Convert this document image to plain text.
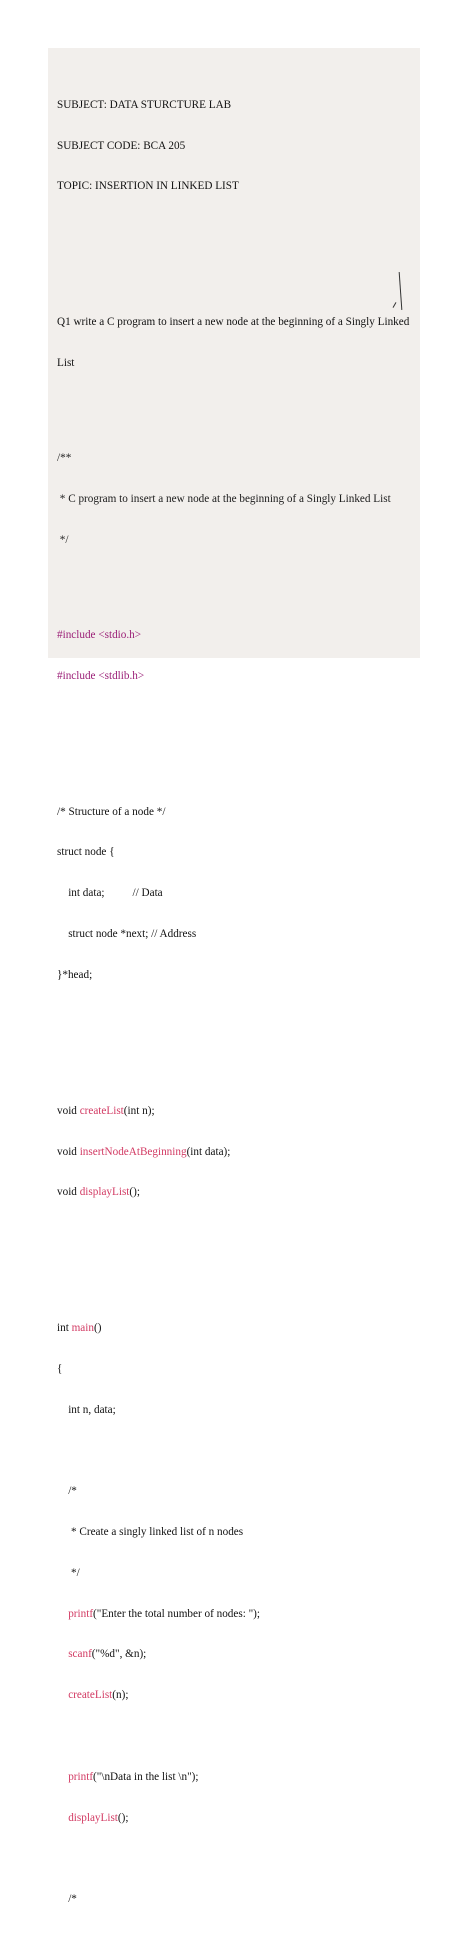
SUBJECT: DATA STURCTURE LAB

SUBJECT CODE: BCA 205

TOPIC: INSERTION IN LINKED LIST

Q1 write a C program to insert a new node at the beginning of a Singly Linked

List

/**

* C program to insert a new node at the beginning of a Singly Linked List

*/

#include <stdio.h>

#include <stdlib.h>

/* Structure of a node */

struct node {

int data;          // Data

struct node *next; // Address

}*head;

void createList(int n);

void insertNodeAtBeginning(int data);

void displayList();

int main()

{

int n, data;

/*

* Create a singly linked list of n nodes

*/

printf("Enter the total number of nodes: ");

scanf("%d", &n);

createList(n);

printf("\nData in the list \n");

displayList();

/*
